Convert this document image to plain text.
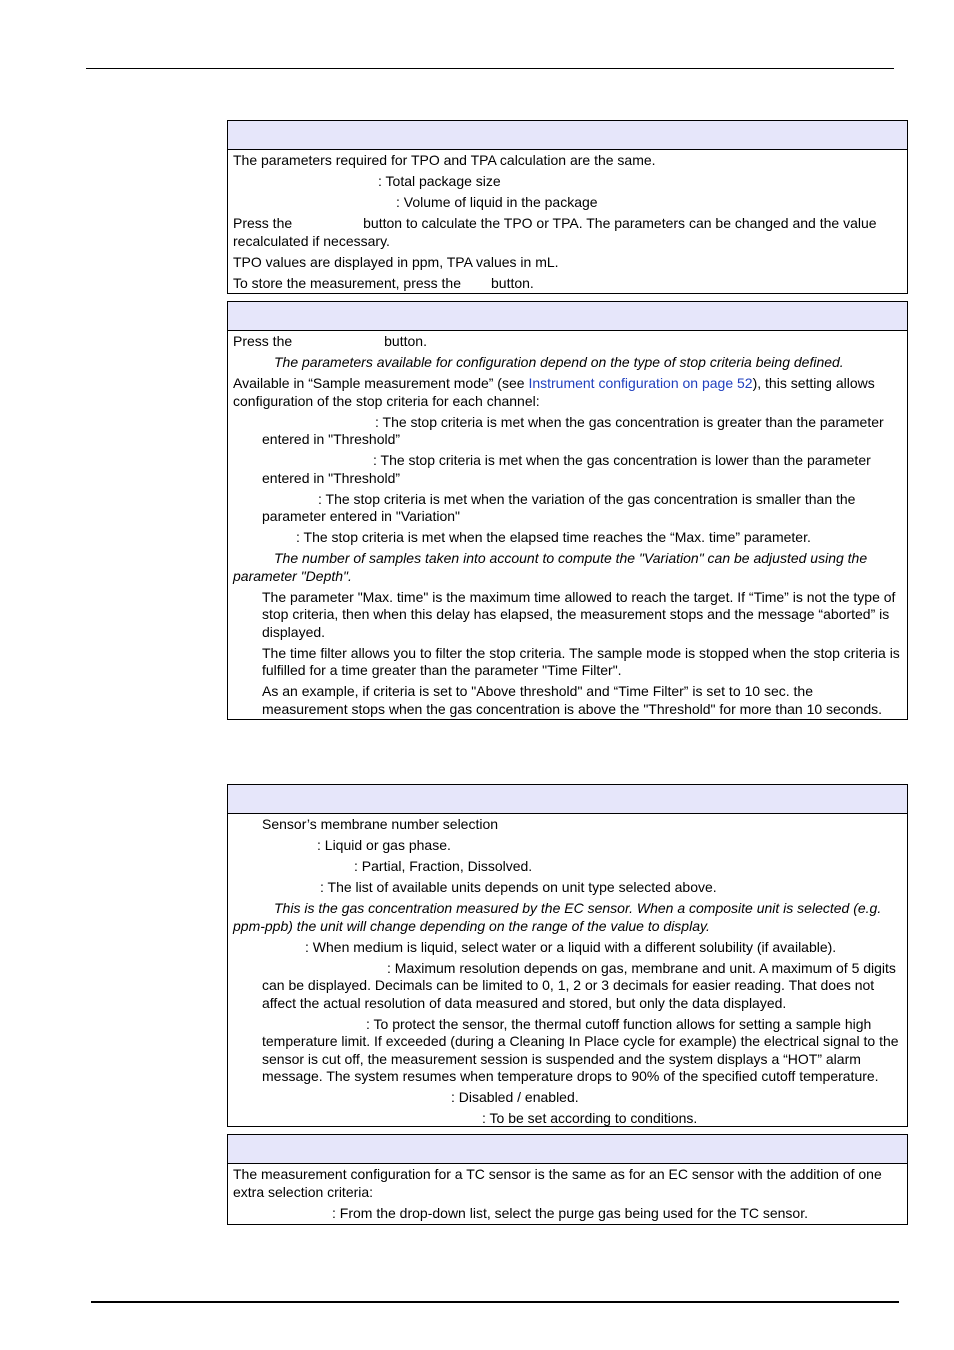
The parameters required for TPO and TPA calculation are the same.

: Total package size

: Volume of liquid in the package

Press the	button to calculate the TPO or TPA. The parameters can be changed and the value recalculated if necessary.

TPO values are displayed in ppm, TPA values in mL.

To store the measurement, press the button.

Press the	button.

The parameters available for configuration depend on the type of stop criteria being defined.

Available in “Sample measurement mode” (see Instrument configuration on page 52), this setting allows configuration of the stop criteria for each channel:

: The stop criteria is met when the gas concentration is greater than the parameter entered in "Threshold”

: The stop criteria is met when the gas concentration is lower than the parameter entered in "Threshold”

: The stop criteria is met when the variation of the gas concentration is smaller than the parameter entered in "Variation"

: The stop criteria is met when the elapsed time reaches the “Max. time” parameter.

The number of samples taken into account to compute the "Variation" can be adjusted using the parameter "Depth".

The parameter "Max. time" is the maximum time allowed to reach the target. If “Time” is not the type of stop criteria, then when this delay has elapsed, the measurement stops and the message “aborted” is displayed.

The time filter allows you to filter the stop criteria. The sample mode is stopped when the stop criteria is fulfilled for a time greater than the parameter "Time Filter".

As an example, if criteria is set to "Above threshold" and “Time Filter” is set to 10 sec. the measurement stops when the gas concentration is above the "Threshold" for more than 10 seconds.

Sensor’s membrane number selection

: Liquid or gas phase.

: Partial, Fraction, Dissolved.

: The list of available units depends on unit type selected above.

This is the gas concentration measured by the EC sensor. When a composite unit is selected (e.g. ppm-ppb) the unit will change depending on the range of the value to display.

: When medium is liquid, select water or a liquid with a different solubility (if available).

: Maximum resolution depends on gas, membrane and unit. A maximum of 5 digits can be displayed. Decimals can be limited to 0, 1, 2 or 3 decimals for easier reading. That does not affect the actual resolution of data measured and stored, but only the data displayed.

: To protect the sensor, the thermal cutoff function allows for setting a sample high temperature limit. If exceeded (during a Cleaning In Place cycle for example) the electrical signal to the sensor is cut off, the measurement session is suspended and the system displays a “HOT” alarm message. The system resumes when temperature drops to 90% of the specified cutoff temperature.

: Disabled / enabled.

: To be set according to conditions.

The measurement configuration for a TC sensor is the same as for an EC sensor with the addition of one extra selection criteria:

: From the drop-down list, select the purge gas being used for the TC sensor.
